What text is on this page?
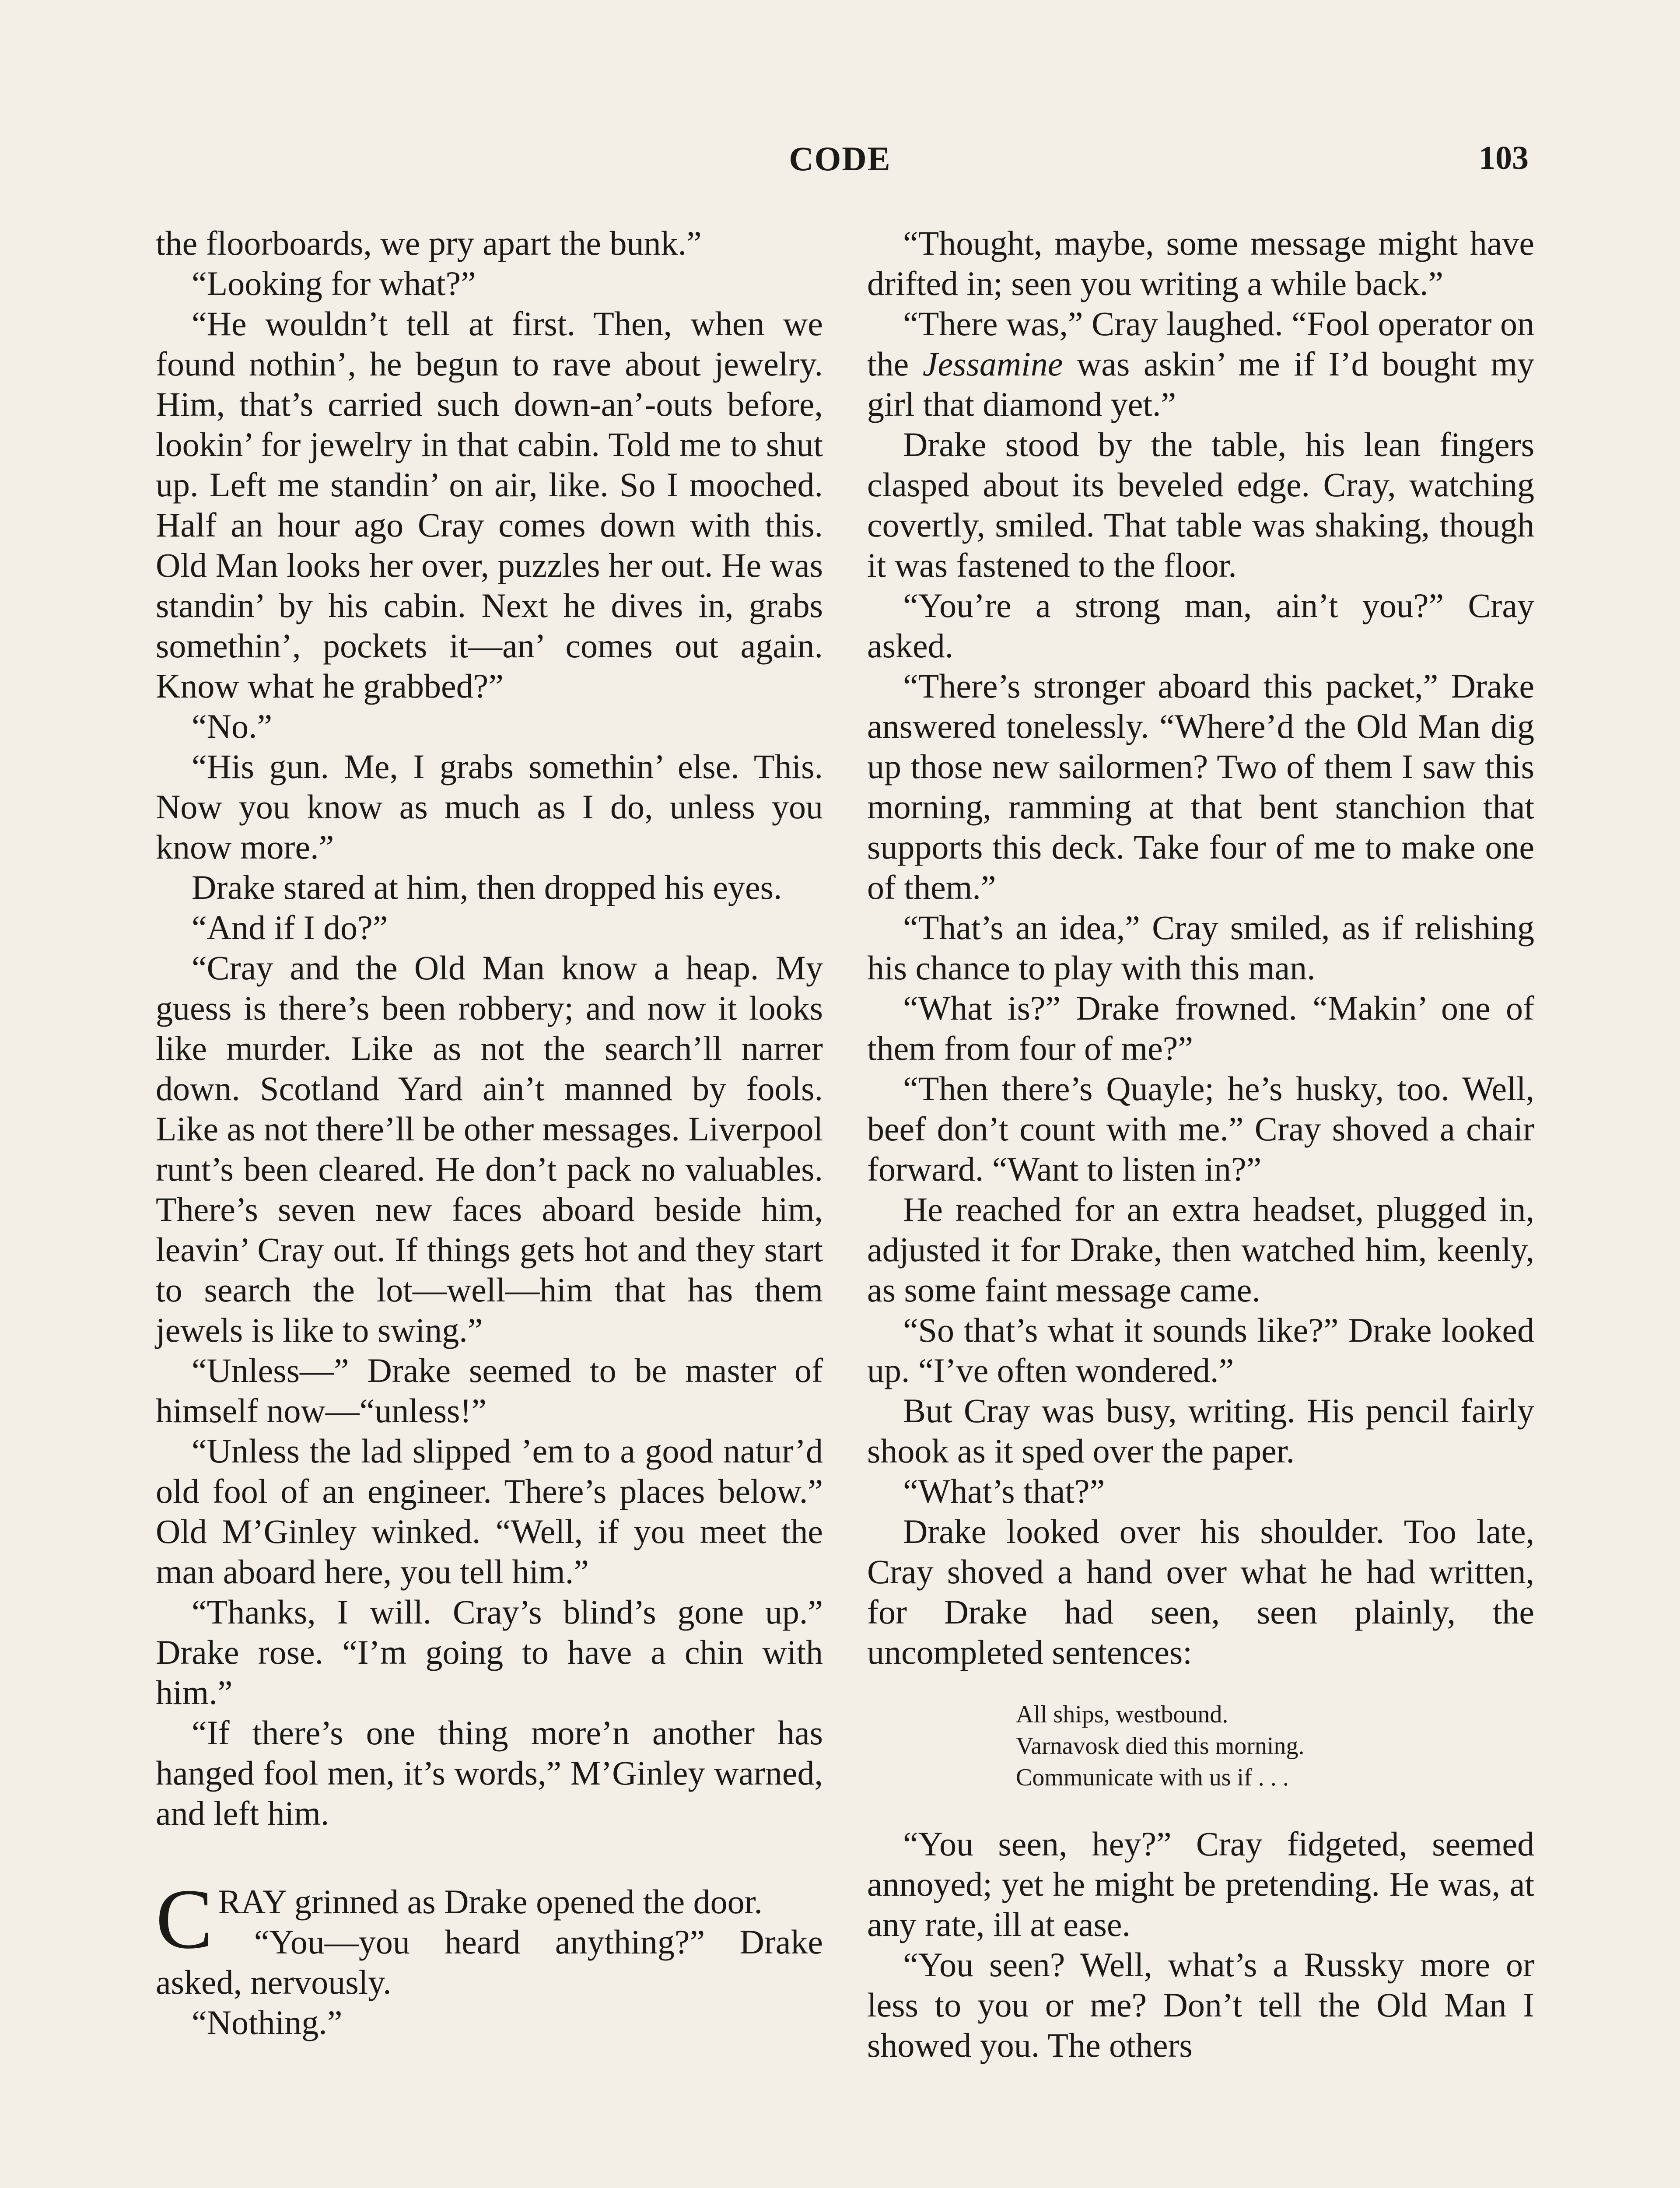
CODE	103

the floorboards, we pry apart the bunk.”

“Looking for what?”

“He wouldn’t tell at first. Then, when we found nothin’, he begun to rave about jewelry. Him, that’s carried such down-an’-outs before, lookin’ for jewelry in that cabin. Told me to shut up. Left me standin’ on air, like. So I mooched. Half an hour ago Cray comes down with this. Old Man looks her over, puzzles her out. He was standin’ by his cabin. Next he dives in, grabs somethin’, pockets it—an’ comes out again. Know what he grabbed?”

“No.”

“His gun. Me, I grabs somethin’ else. This. Now you know as much as I do, unless you know more.”

Drake stared at him, then dropped his eyes.

“And if I do?”

“Cray and the Old Man know a heap. My guess is there’s been robbery; and now it looks like murder. Like as not the search’ll narrer down. Scotland Yard ain’t manned by fools. Like as not there’ll be other messages. Liverpool runt’s been cleared. He don’t pack no valuables. There’s seven new faces aboard beside him, leavin’ Cray out. If things gets hot and they start to search the lot—well—him that has them jewels is like to swing.”

“Unless—” Drake seemed to be master of himself now—“unless!”

“Unless the lad slipped ’em to a good natur’d old fool of an engineer. There’s places below.” Old M’Ginley winked. “Well, if you meet the man aboard here, you tell him.”

“Thanks, I will. Cray’s blind’s gone up.” Drake rose. “I’m going to have a chin with him.”

“If there’s one thing more’n another has hanged fool men, it’s words,” M’Ginley warned, and left him.

CRAY grinned as Drake opened the door.

“You—you heard anything?” Drake asked, nervously.

“Nothing.”

“Thought, maybe, some message might have drifted in; seen you writing a while back.”

“There was,” Cray laughed. “Fool operator on the Jessamine was askin’ me if I’d bought my girl that diamond yet.”

Drake stood by the table, his lean fingers clasped about its beveled edge. Cray, watching covertly, smiled. That table was shaking, though it was fastened to the floor.

“You’re a strong man, ain’t you?” Cray asked.

“There’s stronger aboard this packet,” Drake answered tonelessly. “Where’d the Old Man dig up those new sailormen? Two of them I saw this morning, ramming at that bent stanchion that supports this deck. Take four of me to make one of them.”

“That’s an idea,” Cray smiled, as if relishing his chance to play with this man.

“What is?” Drake frowned. “Makin’ one of them from four of me?”

“Then there’s Quayle; he’s husky, too. Well, beef don’t count with me.” Cray shoved a chair forward. “Want to listen in?”

He reached for an extra headset, plugged in, adjusted it for Drake, then watched him, keenly, as some faint message came.

“So that’s what it sounds like?” Drake looked up. “I’ve often wondered.”

But Cray was busy, writing. His pencil fairly shook as it sped over the paper.

“What’s that?”

Drake looked over his shoulder. Too late, Cray shoved a hand over what he had written, for Drake had seen, seen plainly, the uncompleted sentences:

All ships, westbound.
Varnavosk died this morning.
Communicate with us if . . .

“You seen, hey?” Cray fidgeted, seemed annoyed; yet he might be pretending. He was, at any rate, ill at ease.

“You seen? Well, what’s a Russky more or less to you or me? Don’t tell the Old Man I showed you. The others
